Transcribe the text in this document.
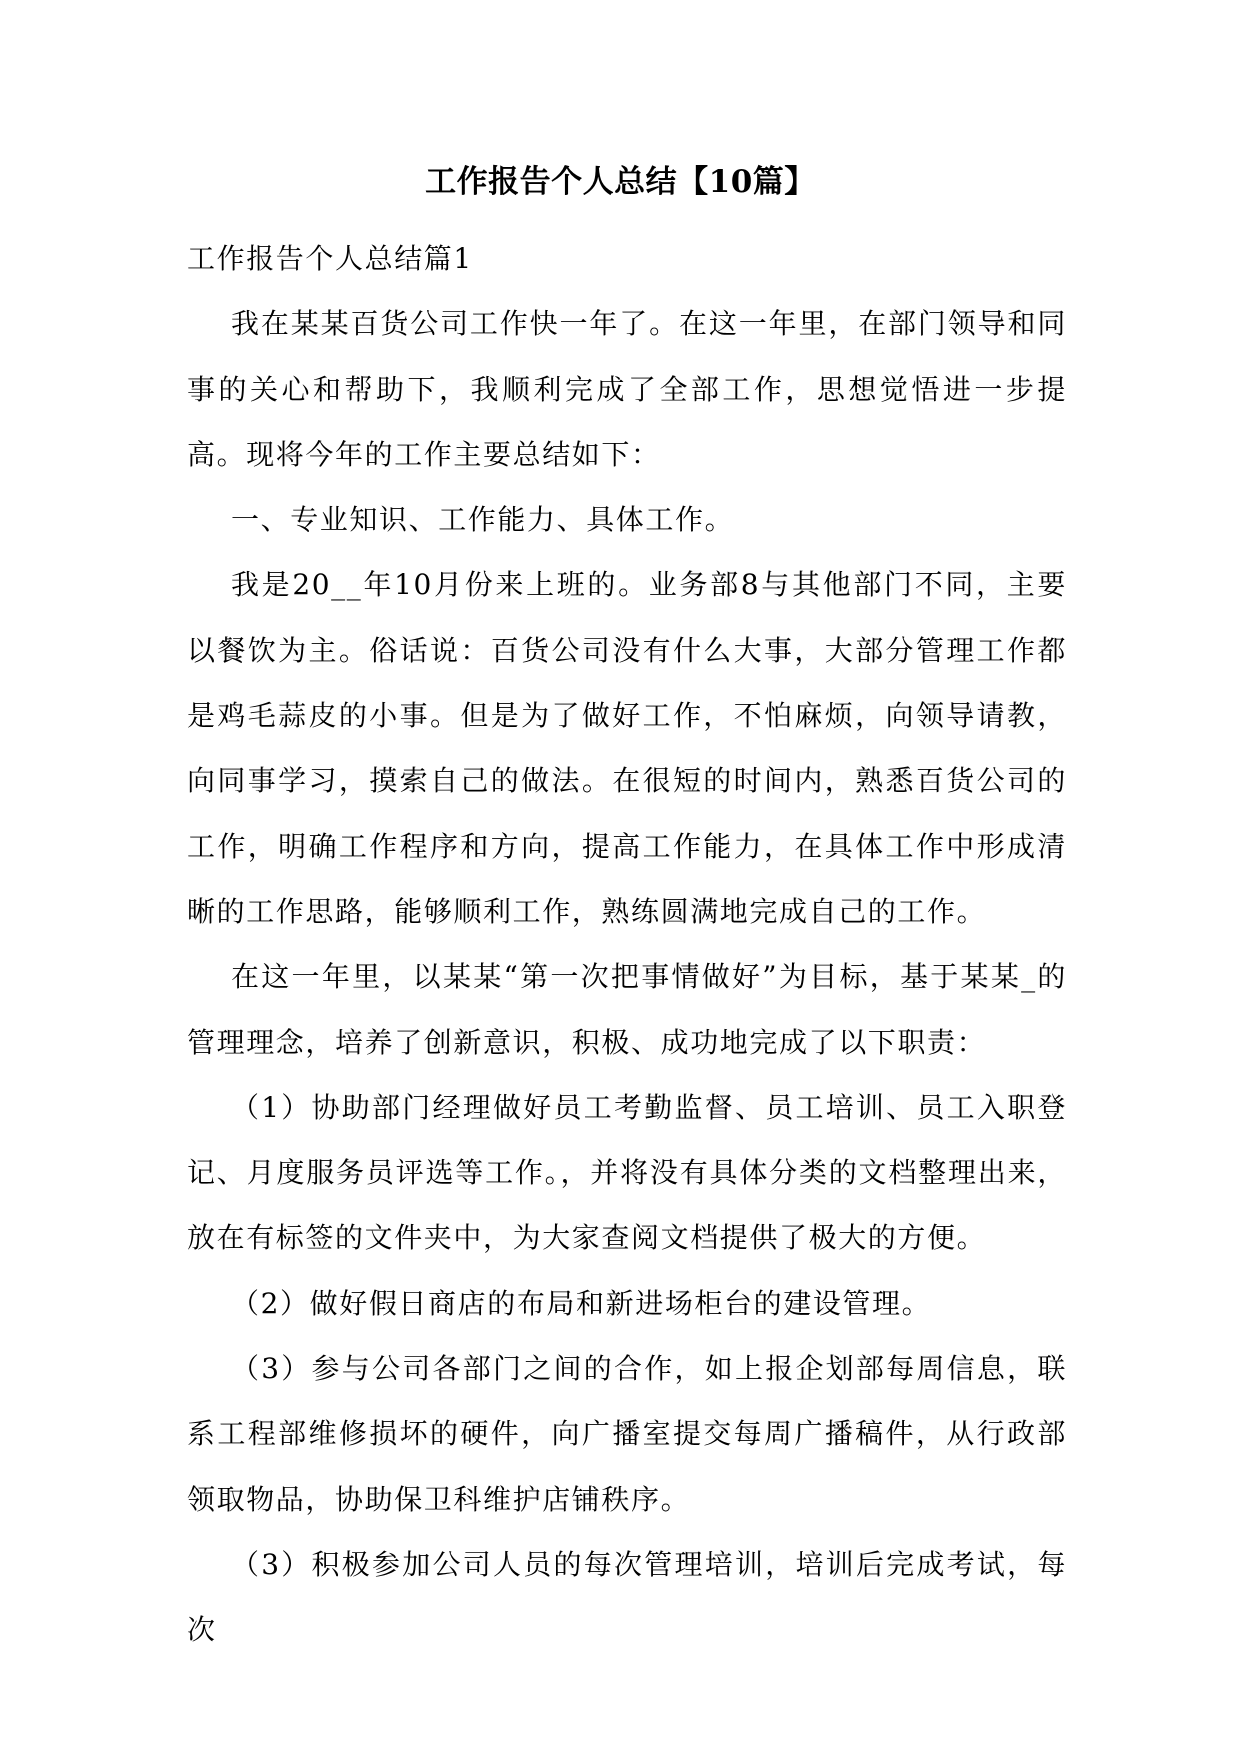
工作报告个人总结【10篇】

工作报告个人总结篇1

我在某某百货公司工作快一年了。在这一年里，在部门领导和同事的关心和帮助下，我顺利完成了全部工作，思想觉悟进一步提高。现将今年的工作主要总结如下：

一、专业知识、工作能力、具体工作。

我是20__年10月份来上班的。业务部8与其他部门不同，主要以餐饮为主。俗话说：百货公司没有什么大事，大部分管理工作都是鸡毛蒜皮的小事。但是为了做好工作，不怕麻烦，向领导请教，向同事学习，摸索自己的做法。在很短的时间内，熟悉百货公司的工作，明确工作程序和方向，提高工作能力，在具体工作中形成清晰的工作思路，能够顺利工作，熟练圆满地完成自己的工作。

在这一年里，以某某“第一次把事情做好”为目标，基于某某_的管理理念，培养了创新意识，积极、成功地完成了以下职责：

（1）协助部门经理做好员工考勤监督、员工培训、员工入职登记、月度服务员评选等工作。，并将没有具体分类的文档整理出来，放在有标签的文件夹中，为大家查阅文档提供了极大的方便。

（2）做好假日商店的布局和新进场柜台的建设管理。

（3）参与公司各部门之间的合作，如上报企划部每周信息，联系工程部维修损坏的硬件，向广播室提交每周广播稿件，从行政部领取物品，协助保卫科维护店铺秩序。

（3）积极参加公司人员的每次管理培训，培训后完成考试，每次
